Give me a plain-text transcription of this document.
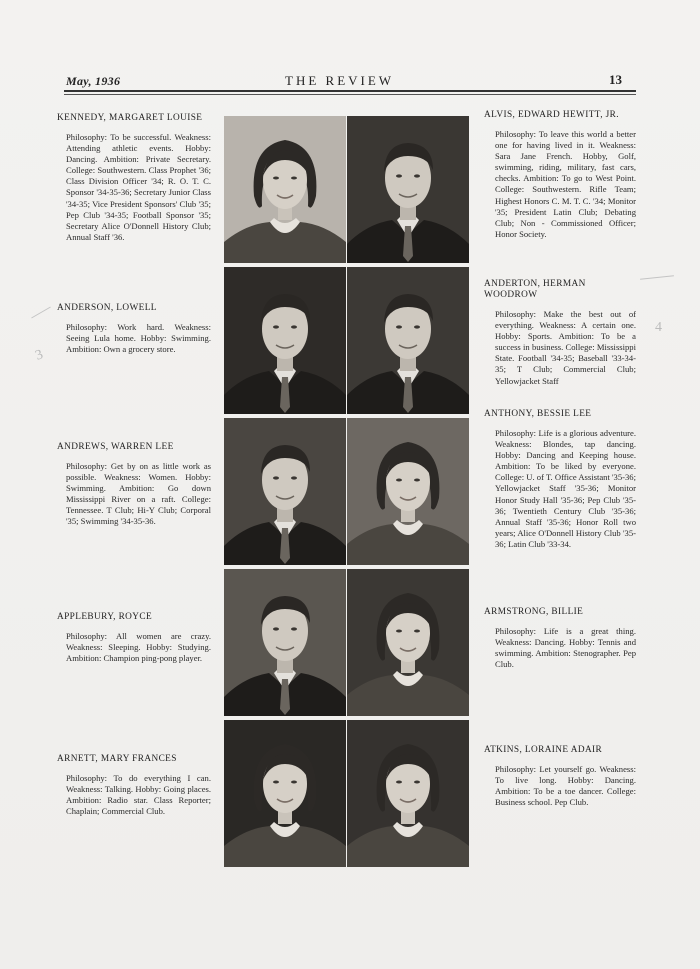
May, 1936	THE REVIEW	13
KENNEDY, MARGARET LOUISE

Philosophy: To be successful. Weakness: Attending athletic events. Hobby: Dancing. Ambition: Private Secretary. College: Southwestern. Class Prophet '36; Class Division Officer '34; R. O. T. C. Sponsor '34-35-36; Secretary Junior Class '34-35; Vice President Sponsors' Club '35; Pep Club '34-35; Football Sponsor '35; Secretary Alice O'Donnell History Club; Annual Staff '36.

ANDERSON, LOWELL

Philosophy: Work hard. Weakness: Seeing Lula home. Hobby: Swimming. Ambition: Own a grocery store.

ANDREWS, WARREN LEE

Philosophy: Get by on as little work as possible. Weakness: Women. Hobby: Swimming. Ambition: Go down Mississippi River on a raft. College: Tennessee. T Club; Hi-Y Club; Corporal '35; Swimming '34-35-36.

APPLEBURY, ROYCE

Philosophy: All women are crazy. Weakness: Sleeping. Hobby: Studying. Ambition: Champion ping-pong player.

ARNETT, MARY FRANCES

Philosophy: To do everything I can. Weakness: Talking. Hobby: Going places. Ambition: Radio star. Class Reporter; Chaplain; Commercial Club.

ALVIS, EDWARD HEWITT, JR.

Philosophy: To leave this world a better one for having lived in it. Weakness: Sara Jane French. Hobby, Golf, swimming, riding, military, fast cars, checks. Ambition: To go to West Point. College: Southwestern. Rifle Team; Highest Honors C. M. T. C. '34; Monitor '35; President Latin Club; Debating Club; Non - Commissioned Officer; Honor Society.

ANDERTON, HERMAN WOODROW

Philosophy: Make the best out of everything. Weakness: A certain one. Hobby: Sports. Ambition: To be a success in business. College: Mississippi State. Football '34-35; Baseball '33-34-35; T Club; Commercial Club; Yellowjacket Staff

ANTHONY, BESSIE LEE

Philosophy: Life is a glorious adventure. Weakness: Blondes, tap dancing. Hobby: Dancing and Keeping house. Ambition: To be liked by everyone. College: U. of T. Office Assistant '35-36; Yellowjacket Staff '35-36; Monitor Honor Study Hall '35-36; Pep Club '35-36; Twentieth Century Club '35-36; Annual Staff '35-36; Honor Roll two years; Alice O'Donnell History Club '35-36; Latin Club '33-34.

ARMSTRONG, BILLIE

Philosophy: Life is a great thing. Weakness: Dancing. Hobby: Tennis and swimming. Ambition: Stenographer. Pep Club.

ATKINS, LORAINE ADAIR

Philosophy: Let yourself go. Weakness: To live long. Hobby: Dancing. Ambition: To be a toe dancer. College: Business school. Pep Club.

3
4
